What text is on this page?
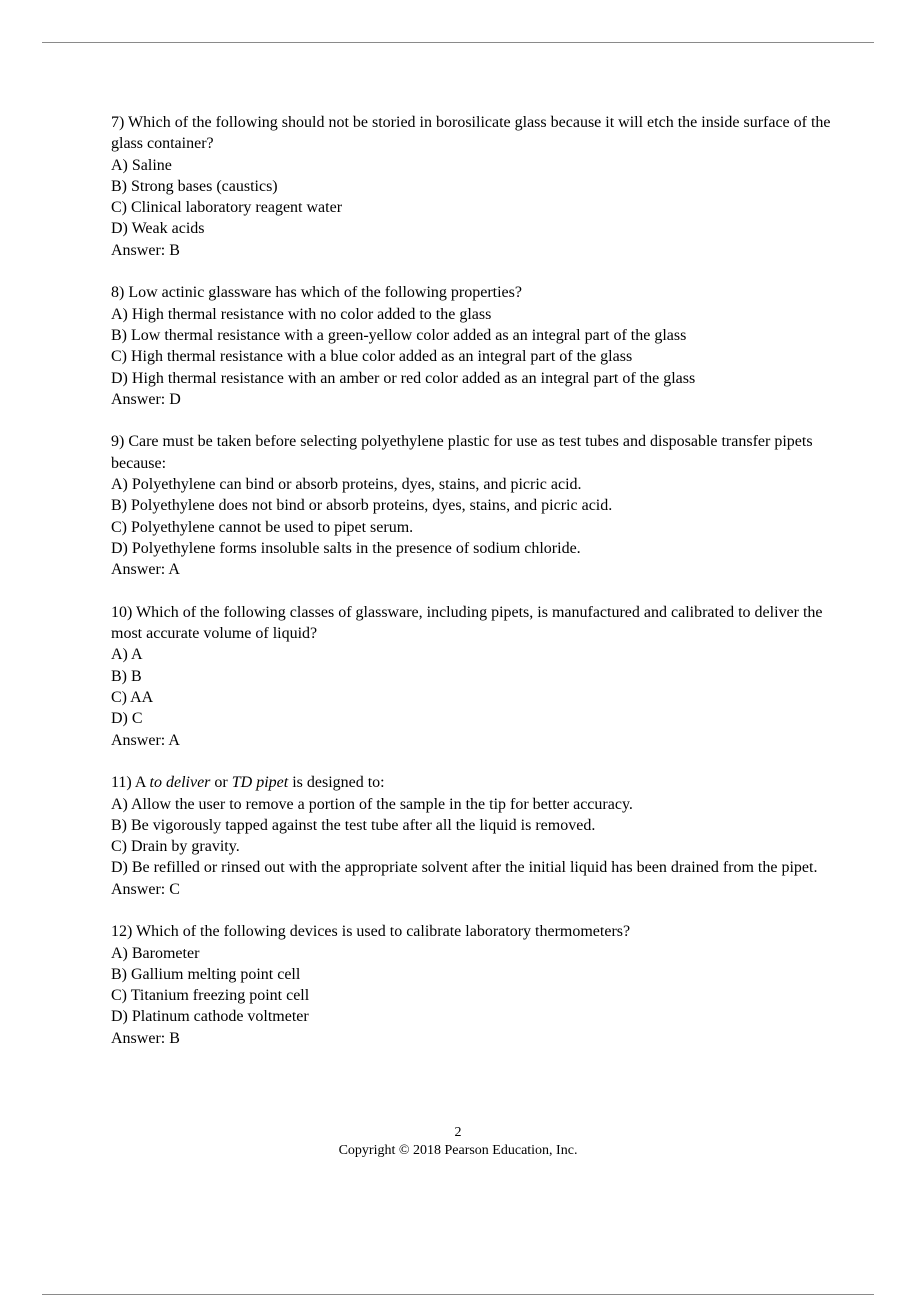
7) Which of the following should not be storied in borosilicate glass because it will etch the inside surface of the glass container?

A) Saline

B) Strong bases (caustics)

C) Clinical laboratory reagent water

D) Weak acids

Answer: B

8) Low actinic glassware has which of the following properties?

A) High thermal resistance with no color added to the glass

B) Low thermal resistance with a green-yellow color added as an integral part of the glass

C) High thermal resistance with a blue color added as an integral part of the glass

D) High thermal resistance with an amber or red color added as an integral part of the glass

Answer: D

9) Care must be taken before selecting polyethylene plastic for use as test tubes and disposable transfer pipets because:

A) Polyethylene can bind or absorb proteins, dyes, stains, and picric acid.

B) Polyethylene does not bind or absorb proteins, dyes, stains, and picric acid.

C) Polyethylene cannot be used to pipet serum.

D) Polyethylene forms insoluble salts in the presence of sodium chloride.

Answer: A

10) Which of the following classes of glassware, including pipets, is manufactured and calibrated to deliver the most accurate volume of liquid?

A) A

B) B

C) AA

D) C

Answer: A

11) A to deliver or TD pipet is designed to:

A) Allow the user to remove a portion of the sample in the tip for better accuracy.

B) Be vigorously tapped against the test tube after all the liquid is removed.

C) Drain by gravity.

D) Be refilled or rinsed out with the appropriate solvent after the initial liquid has been drained from the pipet.

Answer: C

12) Which of the following devices is used to calibrate laboratory thermometers?

A) Barometer

B) Gallium melting point cell

C) Titanium freezing point cell

D) Platinum cathode voltmeter

Answer: B

2
Copyright © 2018 Pearson Education, Inc.
